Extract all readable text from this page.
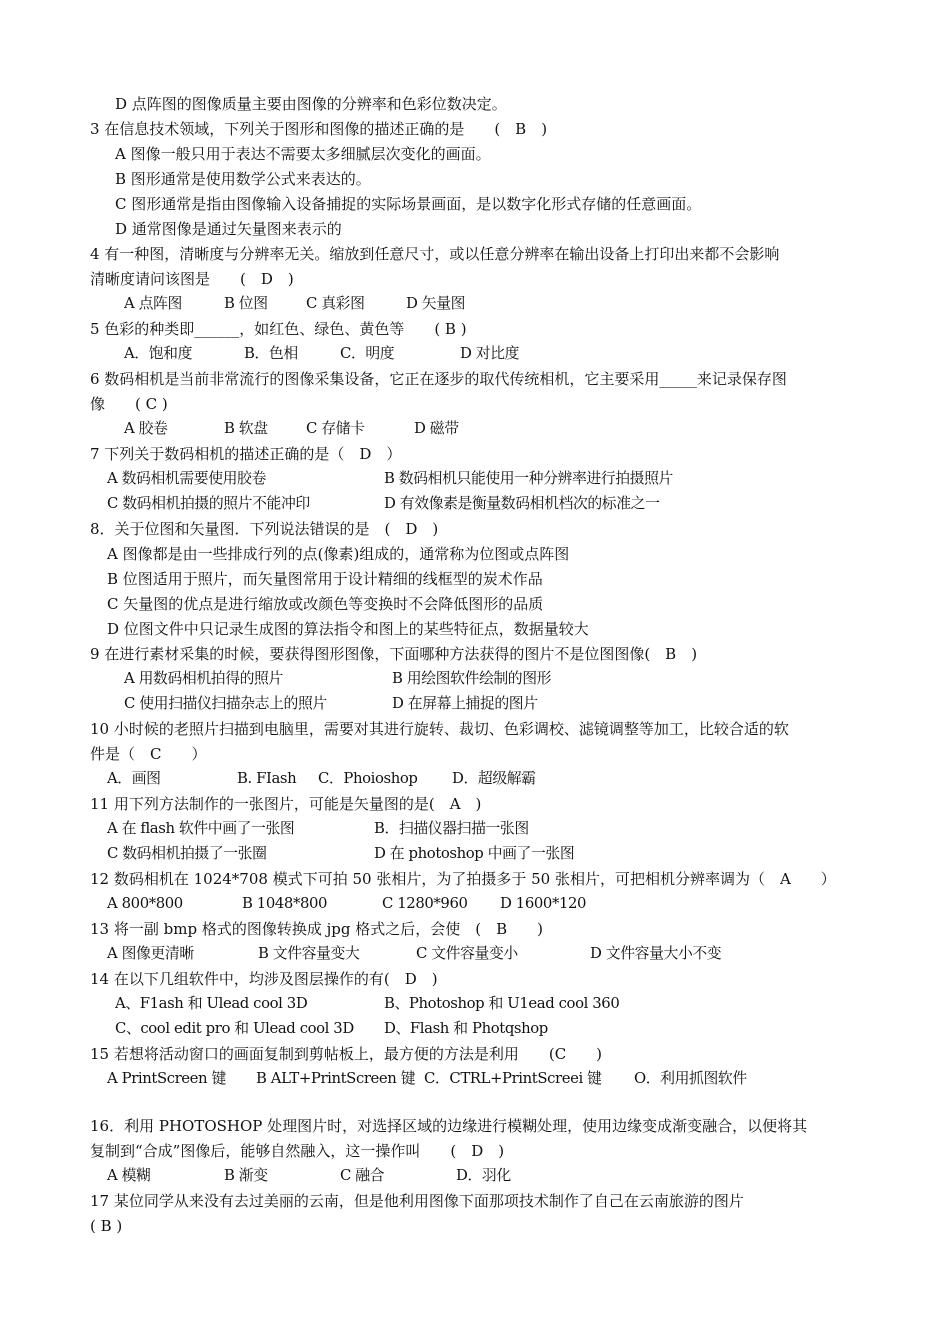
D 点阵图的图像质量主要由图像的分辨率和色彩位数决定。
3 在信息技术领域，下列关于图形和图像的描述正确的是　　(　B　)
A 图像一般只用于表达不需要太多细腻层次变化的画面。
B 图形通常是使用数学公式来表达的。
C 图形通常是指由图像输入设备捕捉的实际场景画面，是以数字化形式存储的任意画面。
D 通常图像是通过矢量图来表示的
4 有一种图，清晰度与分辨率无关。缩放到任意尺寸，或以任意分辨率在输出设备上打印出来都不会影响
清晰度请问该图是　　(　D　)
A 点阵图	B 位图	C 真彩图	D 矢量图
5 色彩的种类即______，如红色、绿色、黄色等　　( B )
A．饱和度	B．色相	C．明度	D 对比度
6 数码相机是当前非常流行的图像采集设备，它正在逐步的取代传统相机，它主要采用_____来记录保存图
像　　( C )
A 胶卷	B 软盘	C 存储卡	D 磁带
7 下列关于数码相机的描述正确的是（　D　）
A 数码相机需要使用胶卷	B 数码相机只能使用一种分辨率进行拍摄照片
C 数码相机拍摄的照片不能冲印	D 有效像素是衡量数码相机档次的标准之一
8．关于位图和矢量图．下列说法错误的是　(　D　)
A 图像都是由一些排成行列的点(像素)组成的，通常称为位图或点阵图
B 位图适用于照片，而矢量图常用于设计精细的线框型的炭术作品
C 矢量图的优点是进行缩放或改颜色等变换时不会降低图形的品质
D 位图文件中只记录生成图的算法指令和图上的某些特征点，数据量较大
9 在进行素材采集的时候，要获得图形图像，下面哪种方法获得的图片不是位图图像(　B　)
A 用数码相机拍得的照片	B 用绘图软件绘制的图形
C 使用扫描仪扫描杂志上的照片	D 在屏幕上捕捉的图片
10 小时候的老照片扫描到电脑里，需要对其进行旋转、裁切、色彩调校、滤镜调整等加工，比较合适的软
件是（　C　　）
A．画图	B. FIash C．Phoioshop D．超级解霸
11 用下列方法制作的一张图片，可能是矢量图的是(　A　)
A 在 flash 软件中画了一张图	B．扫描仪器扫描一张图
C 数码相机拍摄了一张圈	D 在 photoshop 中画了一张图
12 数码相机在 1024*708 模式下可拍 50 张相片，为了拍摄多于 50 张相片，可把相机分辨率调为（　A　　）
A 800*800	B 1048*800	C 1280*960 D 1600*120
13 将一副 bmp 格式的图像转换成 jpg 格式之后，会使　(　B　　)
A 图像更清晰	B 文件容量变大	C 文件容量变小	D 文件容量大小不变
14 在以下几组软件中，均涉及图层操作的有(　D　)
A、F1ash 和 Ulead cool 3D	B、Photoshop 和 U1ead cool 360
C、cool edit pro 和 Ulead cool 3D D、Flash 和 Photqshop
15 若想将活动窗口的画面复制到剪帖板上，最方便的方法是利用　　(C　　)
A PrintScreen 键 B ALT+PrintScreen 键 C．CTRL+PrintScreei 键 O．利用抓图软件
16．利用 PHOTOSHOP 处理图片时，对选择区域的边缘进行模糊处理，使用边缘变成渐变融合，以便将其
复制到“合成”图像后，能够自然融入，这一操作叫　　(　D　)
A 模糊	B 渐变	C 融合	D．羽化
17 某位同学从来没有去过美丽的云南，但是他利用图像下面那项技术制作了自己在云南旅游的图片
( B )
